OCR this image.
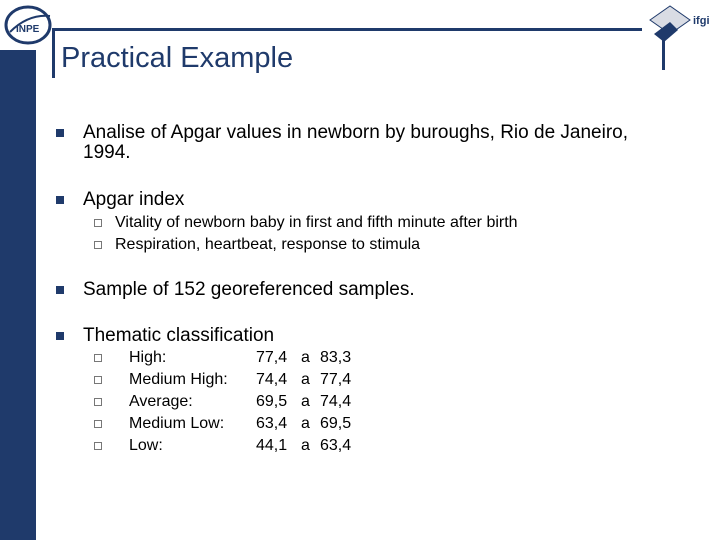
INPE
ifgi
Practical Example
Analise of Apgar values in newborn by buroughs, Rio de Janeiro,
1994.
Apgar index
Vitality of newborn baby in first and fifth minute after birth
Respiration, heartbeat, response to stimula
Sample of 152 georeferenced samples.
Thematic classification
High:	77,4 a 83,3
Medium High: 74,4 a 77,4
Average:	69,5 a 74,4
Medium Low: 63,4 a 69,5
Low:	44,1 a 63,4
